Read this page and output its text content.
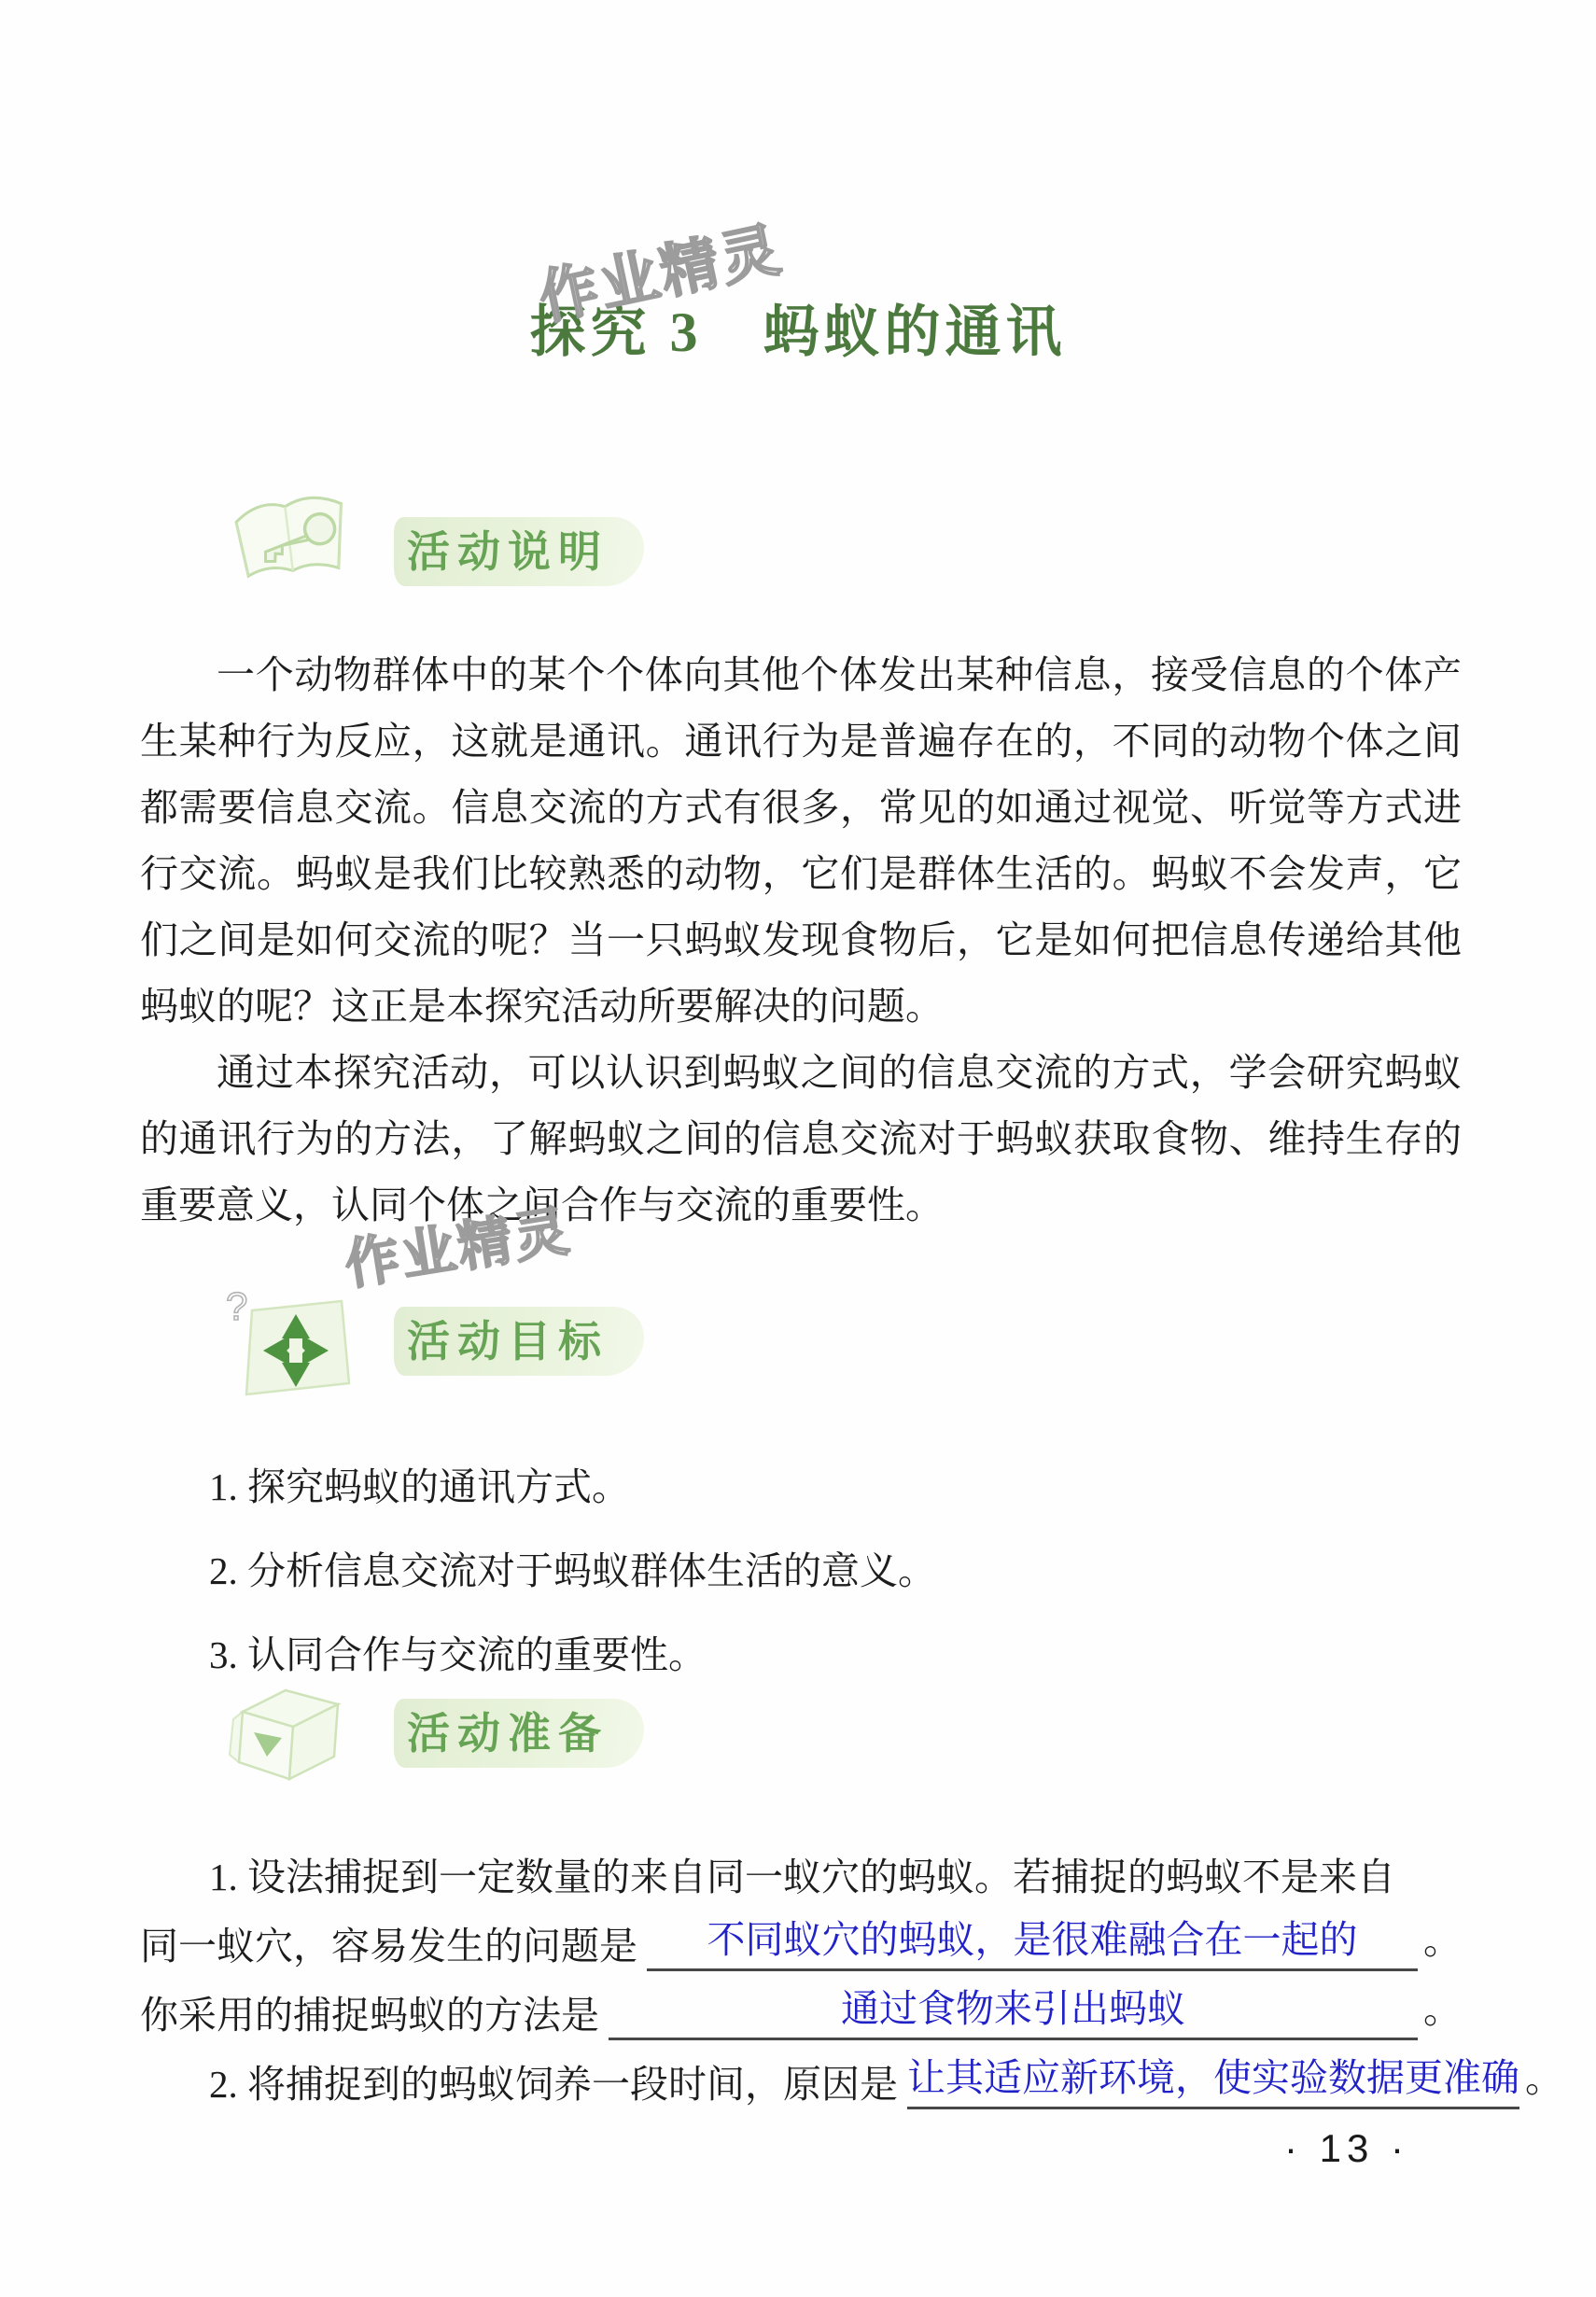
作业精灵
探究 3　蚂蚁的通讯
活动说明

一个动物群体中的某个个体向其他个体发出某种信息，接受信息的个体产生某种行为反应，这就是通讯。通讯行为是普遍存在的，不同的动物个体之间都需要信息交流。信息交流的方式有很多，常见的如通过视觉、听觉等方式进行交流。蚂蚁是我们比较熟悉的动物，它们是群体生活的。蚂蚁不会发声，它们之间是如何交流的呢？当一只蚂蚁发现食物后，它是如何把信息传递给其他蚂蚁的呢？这正是本探究活动所要解决的问题。

通过本探究活动，可以认识到蚂蚁之间的信息交流的方式，学会研究蚂蚁的通讯行为的方法，了解蚂蚁之间的信息交流对于蚂蚁获取食物、维持生存的重要意义，认同个体之间合作与交流的重要性。

作业精灵
?
活动目标
1. 探究蚂蚁的通讯方式。
2. 分析信息交流对于蚂蚁群体生活的意义。
3. 认同合作与交流的重要性。
活动准备
1. 设法捕捉到一定数量的来自同一蚁穴的蚂蚁。若捕捉的蚂蚁不是来自
同一蚁穴，容易发生的问题是	不同蚁穴的蚂蚁，是很难融合在一起的	。
你采用的捕捉蚂蚁的方法是	通过食物来引出蚂蚁	。
2. 将捕捉到的蚂蚁饲养一段时间，原因是 让其适应新环境，使实验数据更准确 。
· 13 ·
